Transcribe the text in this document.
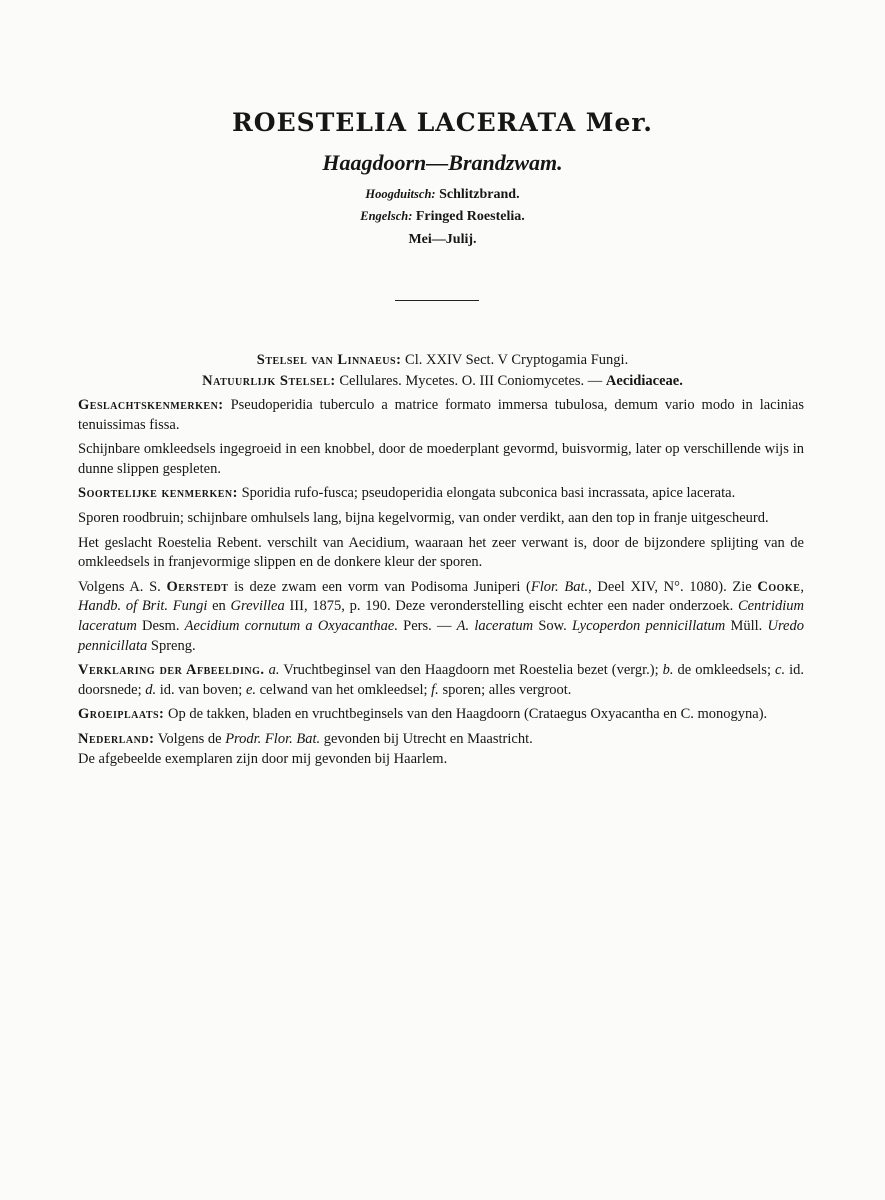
ROESTELIA LACERATA Mer.
Haagdoorn—Brandzwam.
Hoogduitsch: Schlitzbrand.
Engelsch: Fringed Roestelia.
Mei—Julij.
Stelsel van Linnaeus: Cl. XXIV Sect. V Cryptogamia Fungi.
Natuurlijk Stelsel: Cellulares. Mycetes. O. III Coniomycetes. — Aecidiaceae.

Geslachtskenmerken: Pseudoperidia tuberculo a matrice formato immersa tubulosa, demum vario modo in lacinias tenuissimas fissa.

Schijnbare omkleedsels ingegroeid in een knobbel, door de moederplant gevormd, buisvormig, later op verschillende wijs in dunne slippen gespleten.

Soortelijke kenmerken: Sporidia rufo-fusca; pseudoperidia elongata subconica basi incrassata, apice lacerata.

Sporen roodbruin; schijnbare omhulsels lang, bijna kegelvormig, van onder verdikt, aan den top in franje uitgescheurd.

Het geslacht Roestelia Rebent. verschilt van Aecidium, waaraan het zeer verwant is, door de bijzondere splijting van de omkleedsels in franjevormige slippen en de donkere kleur der sporen.

Volgens A. S. Oerstedt is deze zwam een vorm van Podisoma Juniperi (Flor. Bat., Deel XIV, N°. 1080). Zie Cooke, Handb. of Brit. Fungi en Grevillea III, 1875, p. 190. Deze veronderstelling eischt echter een nader onderzoek. Centridium laceratum Desm. Aecidium cornutum a Oxyacanthae. Pers. — A. laceratum Sow. Lycoperdon pennicillatum Müll. Uredo pennicillata Spreng.

Verklaring der Afbeelding. a. Vruchtbeginsel van den Haagdoorn met Roestelia bezet (vergr.); b. de omkleedsels; c. id. doorsnede; d. id. van boven; e. celwand van het omkleedsel; f. sporen; alles vergroot.

Groeiplaats: Op de takken, bladen en vruchtbeginsels van den Haagdoorn (Crataegus Oxyacantha en C. monogyna).

Nederland: Volgens de Prodr. Flor. Bat. gevonden bij Utrecht en Maastricht.

De afgebeelde exemplaren zijn door mij gevonden bij Haarlem.
